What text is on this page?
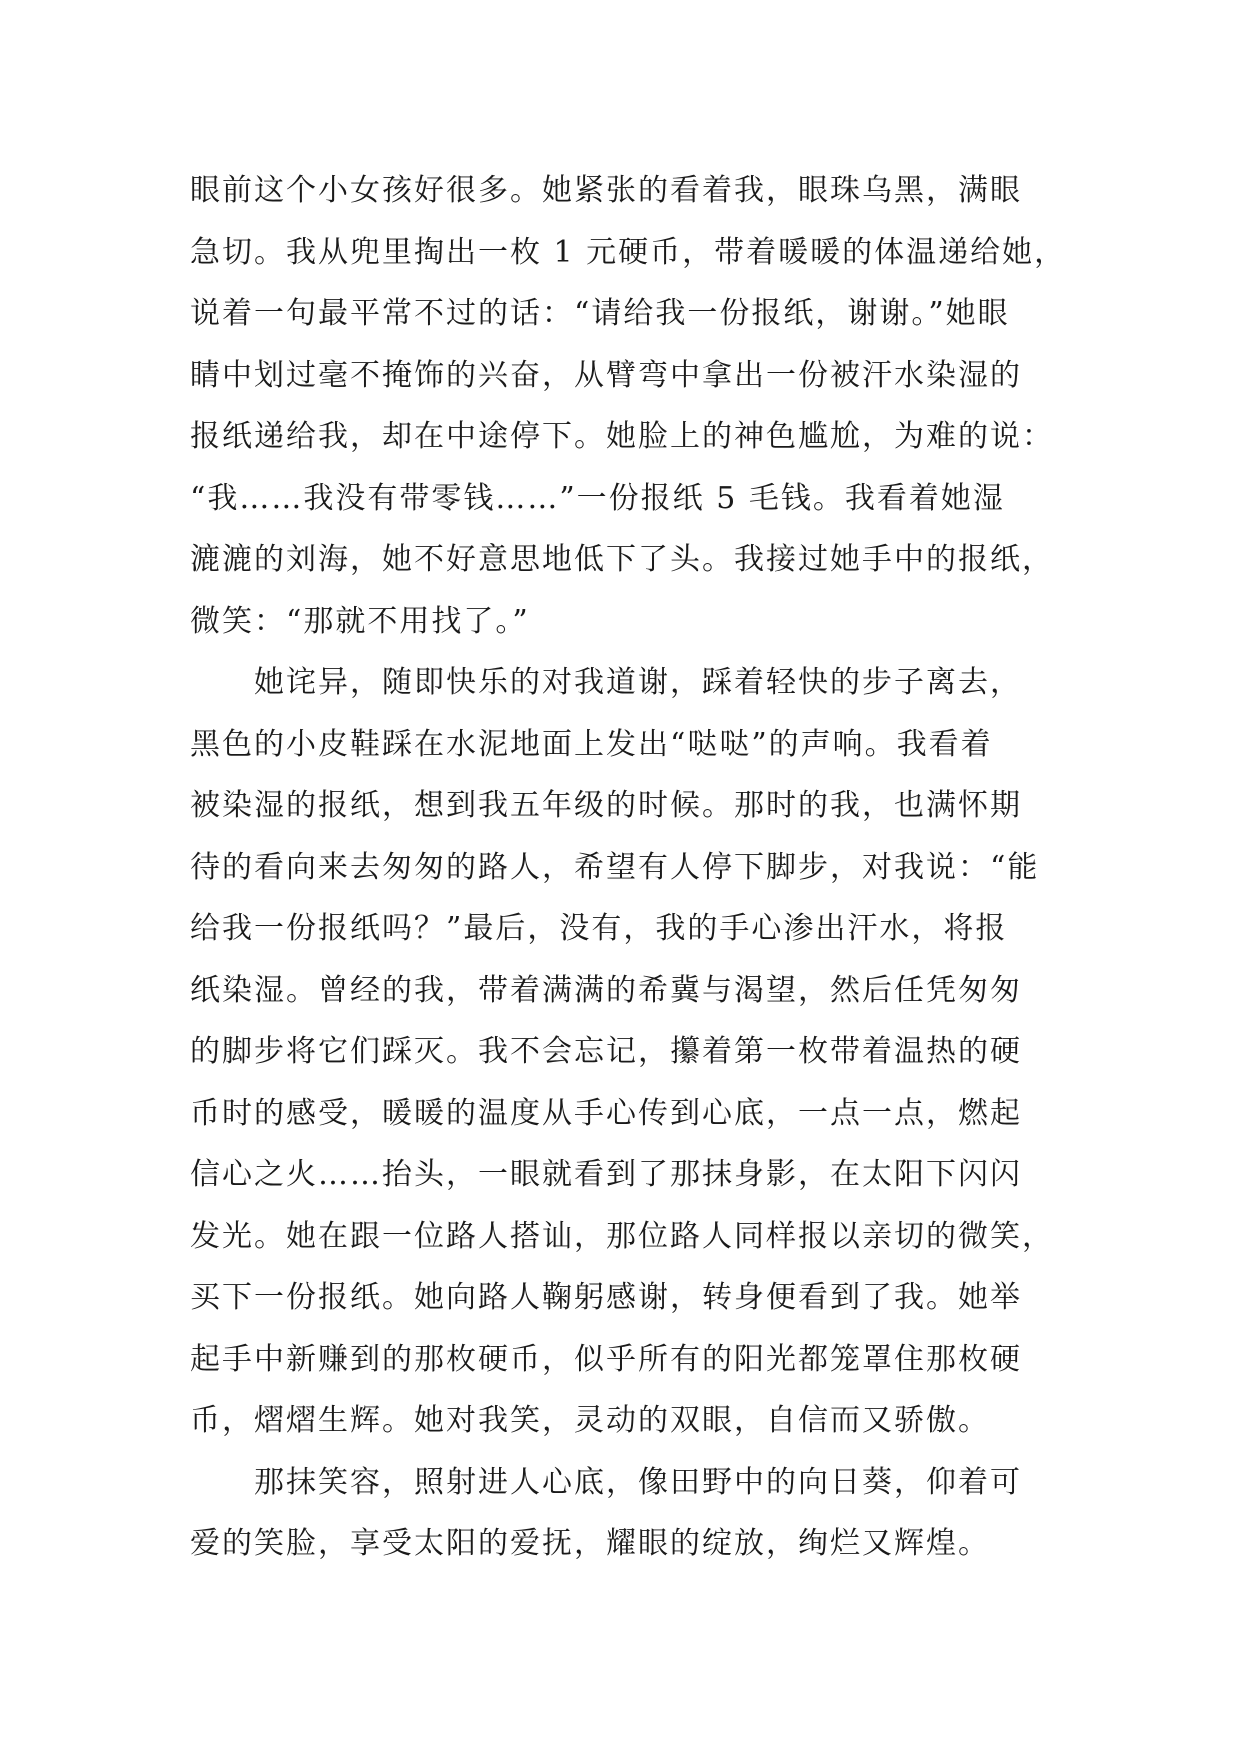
眼前这个小女孩好很多。她紧张的看着我，眼珠乌黑，满眼
急切。我从兜里掏出一枚 1 元硬币，带着暖暖的体温递给她，
说着一句最平常不过的话：“请给我一份报纸，谢谢。”她眼
睛中划过毫不掩饰的兴奋，从臂弯中拿出一份被汗水染湿的
报纸递给我，却在中途停下。她脸上的神色尴尬，为难的说：
“我……我没有带零钱……”一份报纸 5 毛钱。我看着她湿
漉漉的刘海，她不好意思地低下了头。我接过她手中的报纸，
微笑：“那就不用找了。”
她诧异，随即快乐的对我道谢，踩着轻快的步子离去，
黑色的小皮鞋踩在水泥地面上发出“哒哒”的声响。我看着
被染湿的报纸，想到我五年级的时候。那时的我，也满怀期
待的看向来去匆匆的路人，希望有人停下脚步，对我说：“能
给我一份报纸吗？”最后，没有，我的手心渗出汗水，将报
纸染湿。曾经的我，带着满满的希冀与渴望，然后任凭匆匆
的脚步将它们踩灭。我不会忘记，攥着第一枚带着温热的硬
币时的感受，暖暖的温度从手心传到心底，一点一点，燃起
信心之火……抬头，一眼就看到了那抹身影，在太阳下闪闪
发光。她在跟一位路人搭讪，那位路人同样报以亲切的微笑，
买下一份报纸。她向路人鞠躬感谢，转身便看到了我。她举
起手中新赚到的那枚硬币，似乎所有的阳光都笼罩住那枚硬
币，熠熠生辉。她对我笑，灵动的双眼，自信而又骄傲。
那抹笑容，照射进人心底，像田野中的向日葵，仰着可
爱的笑脸，享受太阳的爱抚，耀眼的绽放，绚烂又辉煌。
